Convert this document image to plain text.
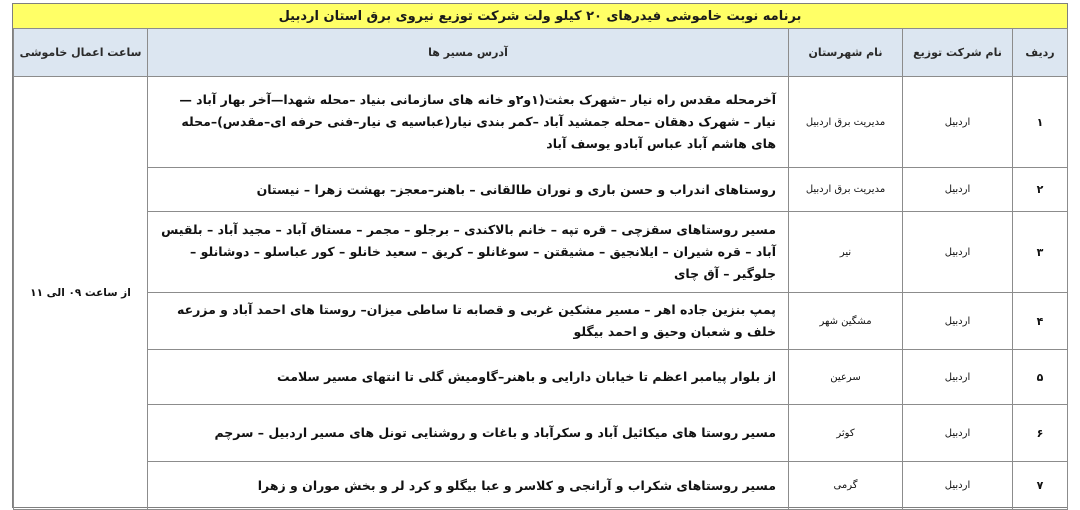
برنامه نوبت خاموشی فیدرهای ۲۰ کیلو ولت شرکت توزیع نیروی برق استان اردبیل
ردیف	نام شرکت توزیع	نام شهرستان	آدرس مسیر ها	ساعت اعمال خاموشی
۱	اردبیل	مدیریت برق اردبیل	آخرمحله مقدس راه نیار –شهرک بعثت(۱و۲و خانه های سازمانی بنیاد –محله شهدا—آخر بهار آباد —نیار – شهرک دهقان –محله جمشید آباد –کمر بندی نیار(عباسیه ی نیار–فنی حرفه ای–مقدس)–محله های هاشم آباد عباس آبادو یوسف آباد	از ساعت ۰۹ الی ۱۱
۲	اردبیل	مدیریت برق اردبیل	روستاهای اندراب و حسن باری و نوران طالقانی – باهنر–معجز– بهشت زهرا – نیستان	
۳	اردبیل	نیر	مسیر روستاهای سقزچی – قره تپه – خانم بالاکندی – برجلو – مجمر – مستاق آباد – مجید آباد – بلقیس آباد – قره شیران – ایلانجیق – مشیقتن – سوغانلو – کریق – سعید خانلو – کور عباسلو – دوشانلو – جلوگیر – آق چای	
۴	اردبیل	مشگین شهر	پمپ بنزین جاده اهر – مسیر مشکین غربی و قصابه تا ساطی میزان– روستا های احمد آباد و مزرعه خلف و شعبان وحیق و احمد بیگلو	
۵	اردبیل	سرعین	از بلوار پیامبر اعظم تا خیابان دارایی و باهنر–گاومیش گلی تا انتهای مسیر سلامت	
۶	اردبیل	کوثر	مسیر روستا های میکائیل آباد و سکرآباد و باغات و روشنایی تونل های مسیر اردبیل – سرچم	
۷	اردبیل	گرمی	مسیر روستاهای شکراب و آرانجی و کلاسر و عبا بیگلو و کرد لر و بخش موران و زهرا	
